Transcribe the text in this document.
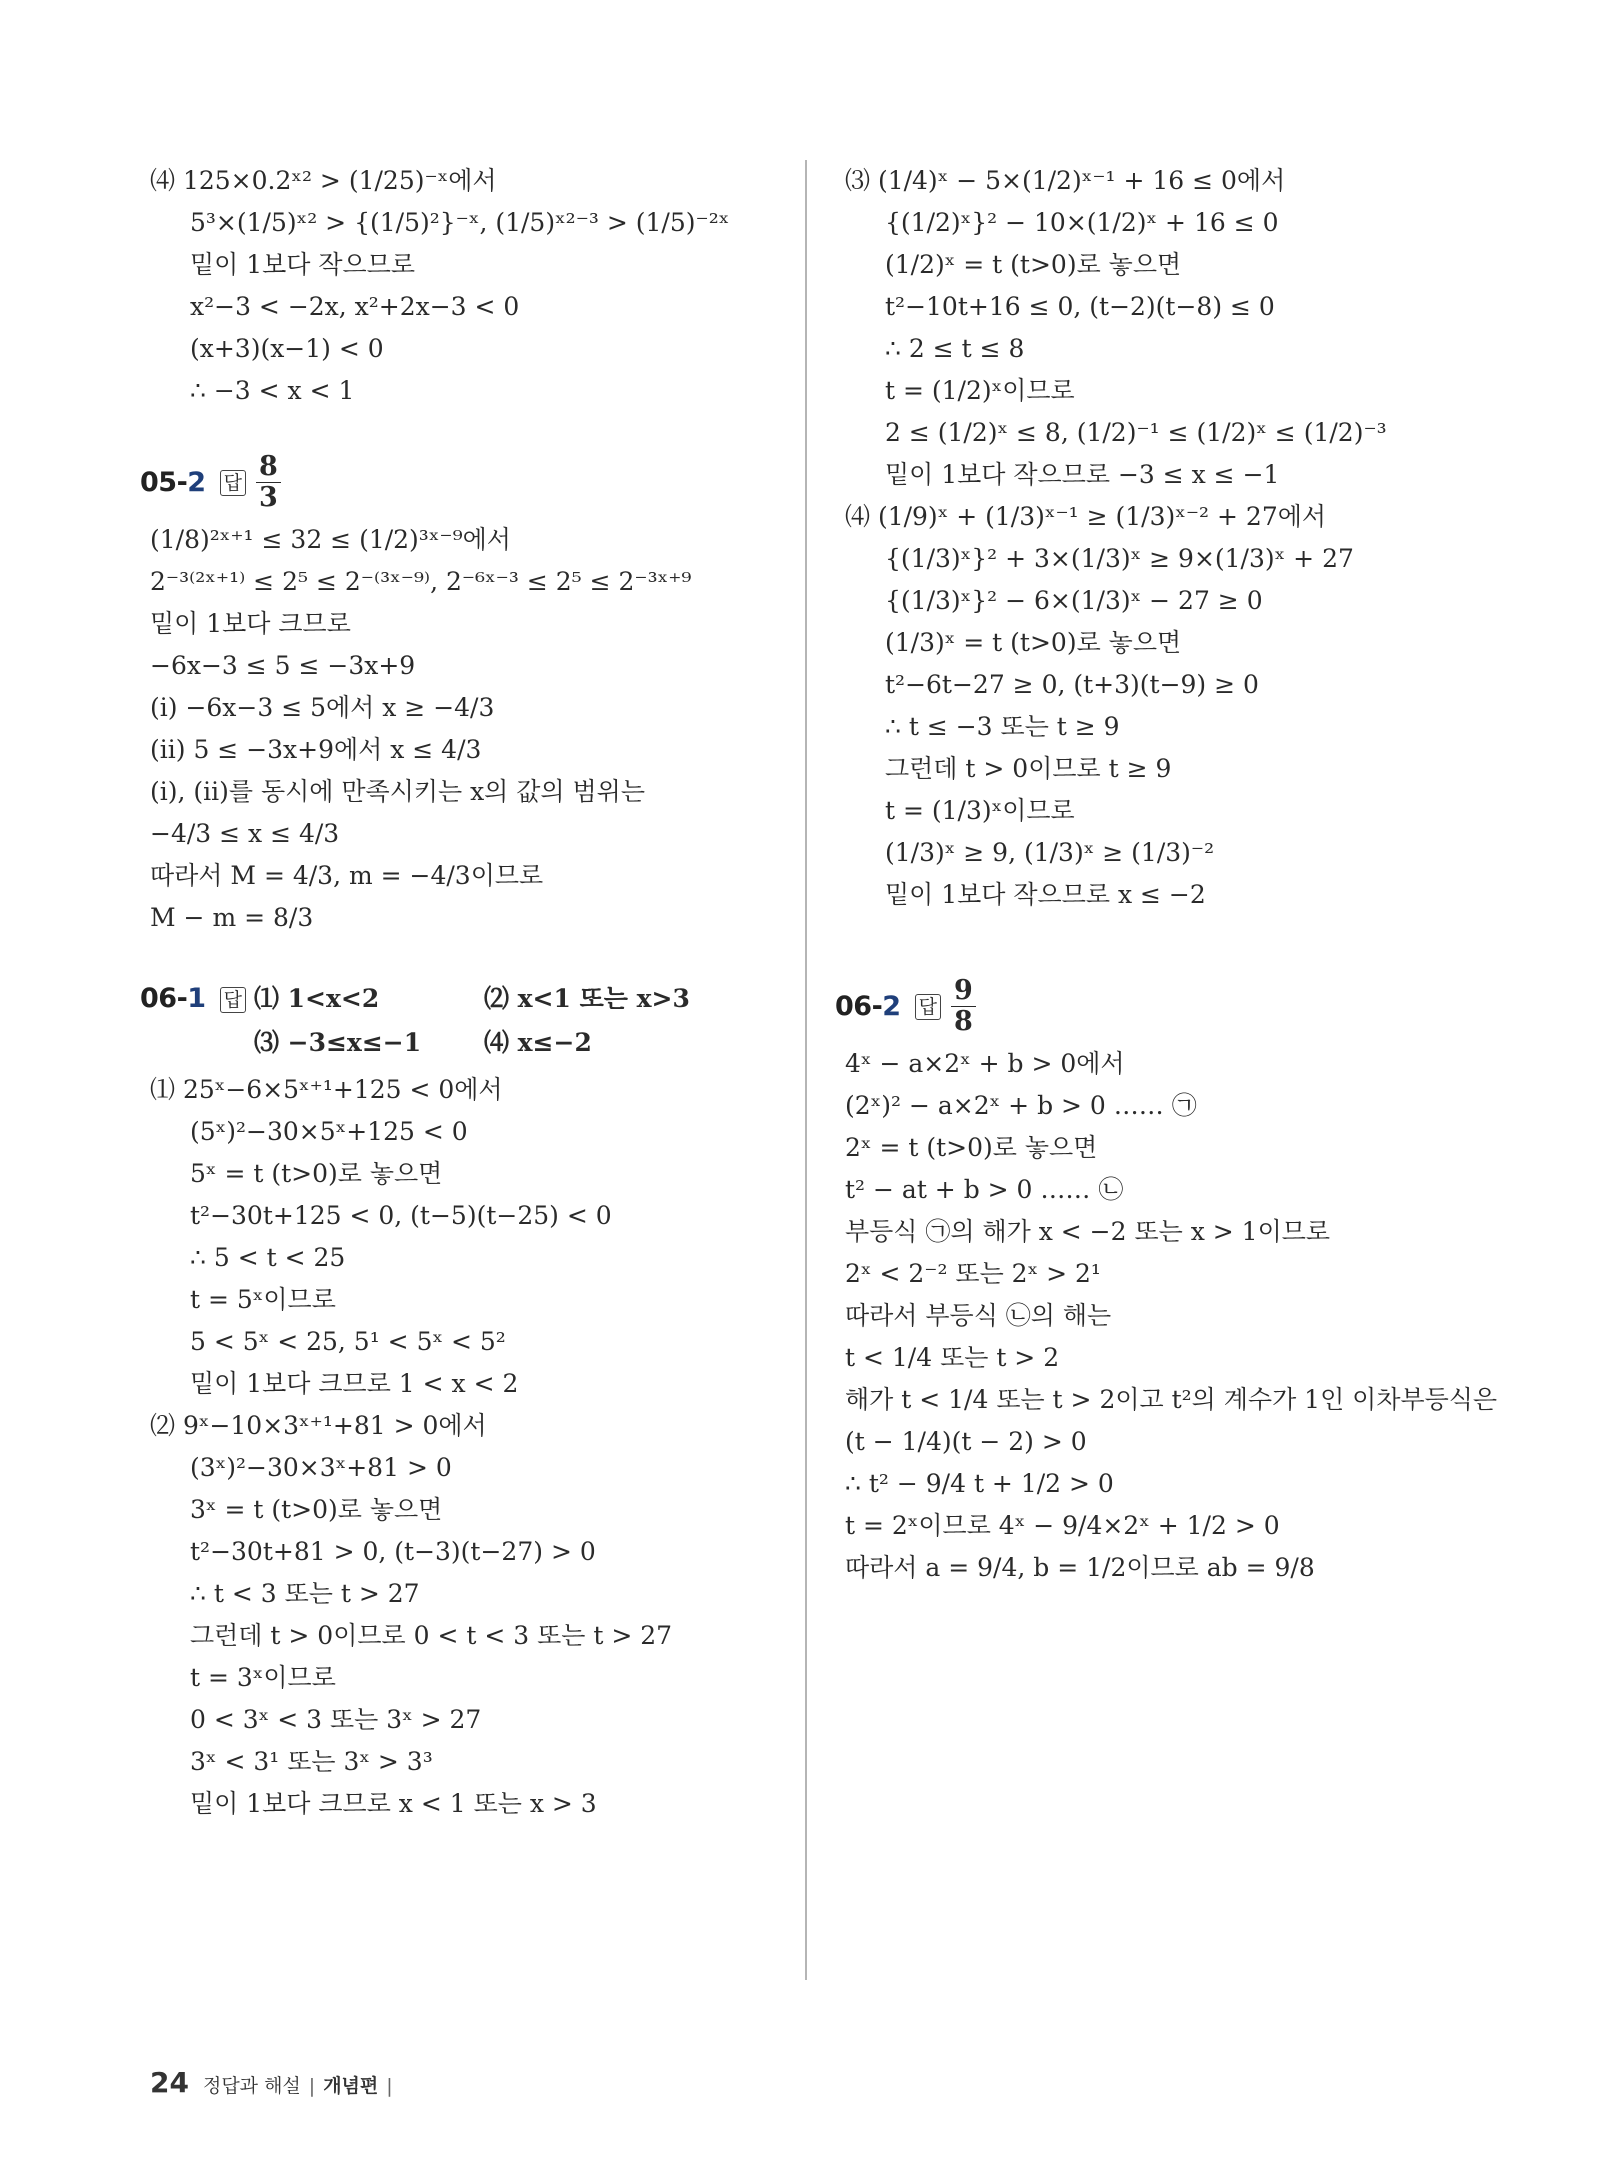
⑷ 125×0.2ˣ² > (1/25)⁻ˣ에서
5³×(1/5)ˣ² > {(1/5)²}⁻ˣ, (1/5)ˣ²⁻³ > (1/5)⁻²ˣ
밑이 1보다 작으므로
x²−3 < −2x, x²+2x−3 < 0
(x+3)(x−1) < 0
∴ −3 < x < 1
05-2 답 $\frac{8}{3}$
(1/8)²ˣ⁺¹ ≤ 32 ≤ (1/2)³ˣ⁻⁹에서
2⁻³⁽²ˣ⁺¹⁾ ≤ 2⁵ ≤ 2⁻⁽³ˣ⁻⁹⁾, 2⁻⁶ˣ⁻³ ≤ 2⁵ ≤ 2⁻³ˣ⁺⁹
밑이 1보다 크므로
−6x−3 ≤ 5 ≤ −3x+9
(ⅰ) −6x−3 ≤ 5에서 x ≥ −4/3
(ⅱ) 5 ≤ −3x+9에서 x ≤ 4/3
(ⅰ), (ⅱ)를 동시에 만족시키는 x의 값의 범위는
−4/3 ≤ x ≤ 4/3
따라서 M = 4/3, m = −4/3이므로
M − m = 8/3
06-1 답 ⑴ 1<x<2	⑵ x<1 또는 x>3
⑶ −3≤x≤−1	⑷ x≤−2
⑴ 25ˣ−6×5ˣ⁺¹+125 < 0에서
(5ˣ)²−30×5ˣ+125 < 0
5ˣ = t (t>0)로 놓으면
t²−30t+125 < 0, (t−5)(t−25) < 0
∴ 5 < t < 25
t = 5ˣ이므로
5 < 5ˣ < 25, 5¹ < 5ˣ < 5²
밑이 1보다 크므로 1 < x < 2
⑵ 9ˣ−10×3ˣ⁺¹+81 > 0에서
(3ˣ)²−30×3ˣ+81 > 0
3ˣ = t (t>0)로 놓으면
t²−30t+81 > 0, (t−3)(t−27) > 0
∴ t < 3 또는 t > 27
그런데 t > 0이므로 0 < t < 3 또는 t > 27
t = 3ˣ이므로
0 < 3ˣ < 3 또는 3ˣ > 27
3ˣ < 3¹ 또는 3ˣ > 3³
밑이 1보다 크므로 x < 1 또는 x > 3
⑶ (1/4)ˣ − 5×(1/2)ˣ⁻¹ + 16 ≤ 0에서
{(1/2)ˣ}² − 10×(1/2)ˣ + 16 ≤ 0
(1/2)ˣ = t (t>0)로 놓으면
t²−10t+16 ≤ 0, (t−2)(t−8) ≤ 0
∴ 2 ≤ t ≤ 8
t = (1/2)ˣ이므로
2 ≤ (1/2)ˣ ≤ 8, (1/2)⁻¹ ≤ (1/2)ˣ ≤ (1/2)⁻³
밑이 1보다 작으므로 −3 ≤ x ≤ −1
⑷ (1/9)ˣ + (1/3)ˣ⁻¹ ≥ (1/3)ˣ⁻² + 27에서
{(1/3)ˣ}² + 3×(1/3)ˣ ≥ 9×(1/3)ˣ + 27
{(1/3)ˣ}² − 6×(1/3)ˣ − 27 ≥ 0
(1/3)ˣ = t (t>0)로 놓으면
t²−6t−27 ≥ 0, (t+3)(t−9) ≥ 0
∴ t ≤ −3 또는 t ≥ 9
그런데 t > 0이므로 t ≥ 9
t = (1/3)ˣ이므로
(1/3)ˣ ≥ 9, (1/3)ˣ ≥ (1/3)⁻²
밑이 1보다 작으므로 x ≤ −2
06-2 답 $\frac{9}{8}$
4ˣ − a×2ˣ + b > 0에서
(2ˣ)² − a×2ˣ + b > 0 …… ㉠
2ˣ = t (t>0)로 놓으면
t² − at + b > 0 …… ㉡
부등식 ㉠의 해가 x < −2 또는 x > 1이므로
2ˣ < 2⁻² 또는 2ˣ > 2¹
따라서 부등식 ㉡의 해는
t < 1/4 또는 t > 2
해가 t < 1/4 또는 t > 2이고 t²의 계수가 1인 이차부등식은
(t − 1/4)(t − 2) > 0
∴ t² − 9/4 t + 1/2 > 0
t = 2ˣ이므로 4ˣ − 9/4×2ˣ + 1/2 > 0
따라서 a = 9/4, b = 1/2이므로 ab = 9/8
24 정답과 해설 | 개념편 |
